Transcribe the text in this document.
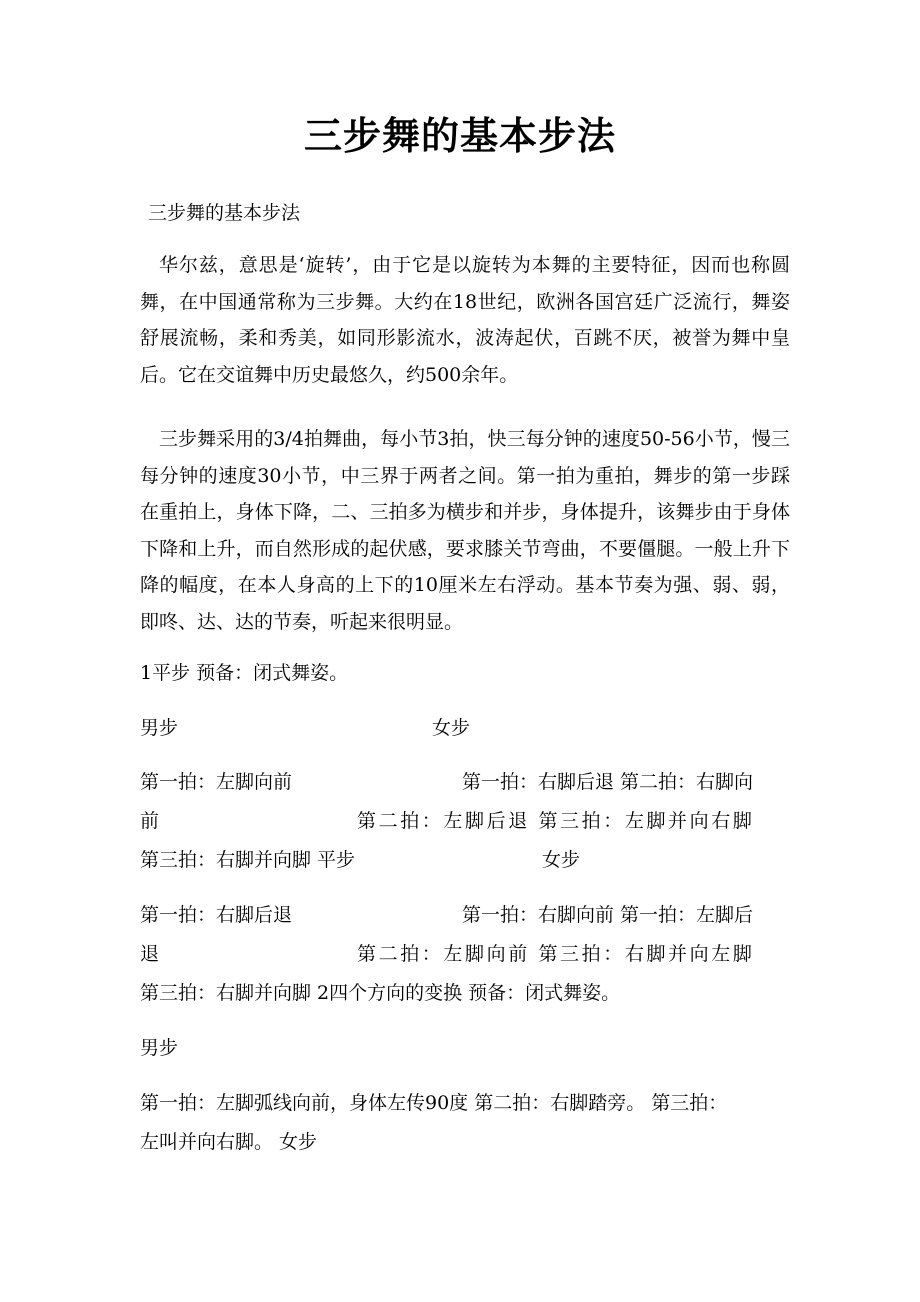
三步舞的基本步法
三步舞的基本步法
华尔兹，意思是‘旋转’，由于它是以旋转为本舞的主要特征，因而也称圆舞，在中国通常称为三步舞。大约在18世纪，欧洲各国宫廷广泛流行，舞姿舒展流畅，柔和秀美，如同形影流水，波涛起伏，百跳不厌，被誉为舞中皇后。它在交谊舞中历史最悠久，约500余年。
三步舞采用的3/4拍舞曲，每小节3拍，快三每分钟的速度50-56小节，慢三每分钟的速度30小节，中三界于两者之间。第一拍为重拍，舞步的第一步踩在重拍上，身体下降，二、三拍多为横步和并步，身体提升，该舞步由于身体下降和上升，而自然形成的起伏感，要求膝关节弯曲，不要僵腿。一般上升下降的幅度，在本人身高的上下的10厘米左右浮动。基本节奏为强、弱、弱，即咚、达、达的节奏，听起来很明显。
1平步 预备：闭式舞姿。
男步	女步
第一拍：左脚向前	第一拍：右脚后退 第二拍：右脚向
前	第二拍：左脚后退 第三拍：左脚并向右脚
第三拍：右脚并向脚 平步	女步
第一拍：右脚后退	第一拍：右脚向前 第一拍：左脚后
退	第二拍：左脚向前 第三拍：右脚并向左脚
第三拍：右脚并向脚 2四个方向的变换 预备：闭式舞姿。
男步
第一拍：左脚弧线向前，身体左传90度 第二拍：右脚踏旁。 第三拍：
左叫并向右脚。 女步
